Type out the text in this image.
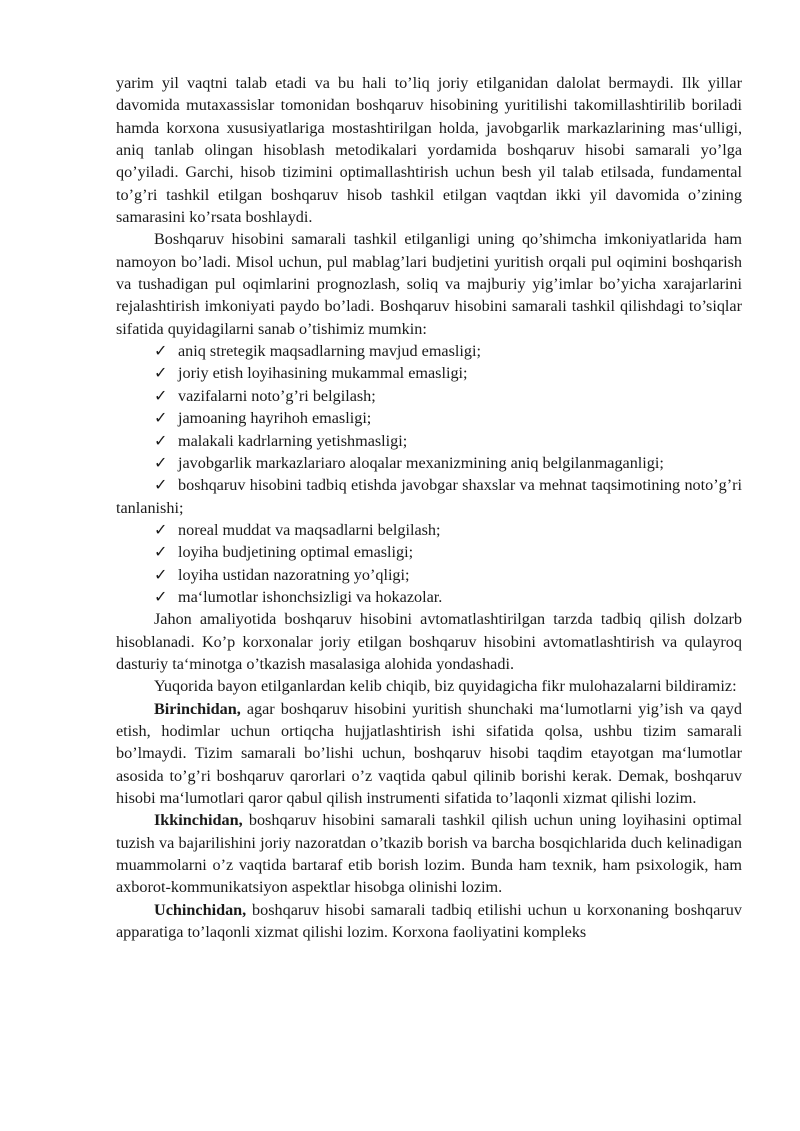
yarim yil vaqtni talab etadi va bu hali to’liq joriy etilganidan dalolat bermaydi. Ilk yillar davomida mutaxassislar tomonidan boshqaruv hisobining yuritilishi takomillashtirilib boriladi hamda korxona xususiyatlariga mostashtirilgan holda, javobgarlik markazlarining mas‘ulligi, aniq tanlab olingan hisoblash metodikalari yordamida boshqaruv hisobi samarali yo’lga qo’yiladi. Garchi, hisob tizimini optimallashtirish uchun besh yil talab etilsada, fundamental to’g’ri tashkil etilgan boshqaruv hisob tashkil etilgan vaqtdan ikki yil davomida o’zining samarasini ko’rsata boshlaydi.

Boshqaruv hisobini samarali tashkil etilganligi uning qo’shimcha imkoniyatlarida ham namoyon bo’ladi. Misol uchun, pul mablag’lari budjetini yuritish orqali pul oqimini boshqarish va tushadigan pul oqimlarini prognozlash, soliq va majburiy yig’imlar bo’yicha xarajarlarini rejalashtirish imkoniyati paydo bo’ladi. Boshqaruv hisobini samarali tashkil qilishdagi to’siqlar sifatida quyidagilarni sanab o’tishimiz mumkin:

✓ aniq stretegik maqsadlarning mavjud emasligi;

✓ joriy etish loyihasining mukammal emasligi;

✓ vazifalarni noto’g’ri belgilash;

✓ jamoaning hayrihoh emasligi;

✓ malakali kadrlarning yetishmasligi;

✓ javobgarlik markazlariaro aloqalar mexanizmining aniq belgilanmaganligi;

✓ boshqaruv hisobini tadbiq etishda javobgar shaxslar va mehnat taqsimotining noto’g’ri tanlanishi;

✓ noreal muddat va maqsadlarni belgilash;

✓ loyiha budjetining optimal emasligi;

✓ loyiha ustidan nazoratning yo’qligi;

✓ ma‘lumotlar ishonchsizligi va hokazolar.

Jahon amaliyotida boshqaruv hisobini avtomatlashtirilgan tarzda tadbiq qilish dolzarb hisoblanadi. Ko’p korxonalar joriy etilgan boshqaruv hisobini avtomatlashtirish va qulayroq dasturiy ta‘minotga o’tkazish masalasiga alohida yondashadi.

Yuqorida bayon etilganlardan kelib chiqib, biz quyidagicha fikr mulohazalarni bildiramiz:

Birinchidan, agar boshqaruv hisobini yuritish shunchaki ma‘lumotlarni yig’ish va qayd etish, hodimlar uchun ortiqcha hujjatlashtirish ishi sifatida qolsa, ushbu tizim samarali bo’lmaydi. Tizim samarali bo’lishi uchun, boshqaruv hisobi taqdim etayotgan ma‘lumotlar asosida to’g’ri boshqaruv qarorlari o’z vaqtida qabul qilinib borishi kerak. Demak, boshqaruv hisobi ma‘lumotlari qaror qabul qilish instrumenti sifatida to’laqonli xizmat qilishi lozim.

Ikkinchidan, boshqaruv hisobini samarali tashkil qilish uchun uning loyihasini optimal tuzish va bajarilishini joriy nazoratdan o’tkazib borish va barcha bosqichlarida duch kelinadigan muammolarni o’z vaqtida bartaraf etib borish lozim. Bunda ham texnik, ham psixologik, ham axborot-kommunikatsiyon aspektlar hisobga olinishi lozim.

Uchinchidan, boshqaruv hisobi samarali tadbiq etilishi uchun u korxonaning boshqaruv apparatiga to’laqonli xizmat qilishi lozim. Korxona faoliyatini kompleks
